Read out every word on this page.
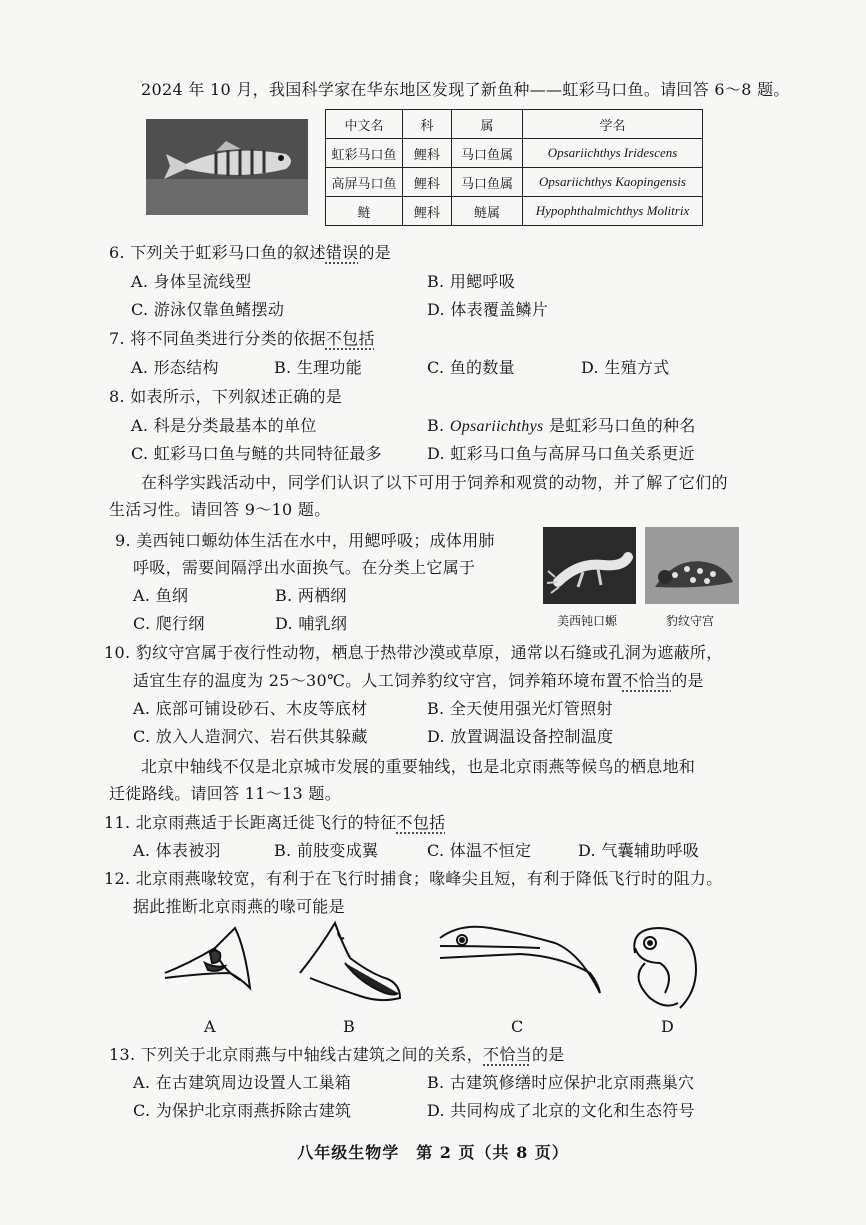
2024 年 10 月，我国科学家在华东地区发现了新鱼种——虹彩马口鱼。请回答 6～8 题。
中文名	科	属	学名
虹彩马口鱼	鲤科	马口鱼属	Opsariichthys Iridescens
高屏马口鱼	鲤科	马口鱼属	Opsariichthys Kaopingensis
鲢	鲤科	鲢属	Hypophthalmichthys Molitrix
6. 下列关于虹彩马口鱼的叙述错误的是
A. 身体呈流线型	B. 用鳃呼吸
C. 游泳仅靠鱼鳍摆动	D. 体表覆盖鳞片
7. 将不同鱼类进行分类的依据不包括
A. 形态结构	B. 生理功能	C. 鱼的数量	D. 生殖方式
8. 如表所示，下列叙述正确的是
A. 科是分类最基本的单位	B. Opsariichthys 是虹彩马口鱼的种名
C. 虹彩马口鱼与鲢的共同特征最多	D. 虹彩马口鱼与高屏马口鱼关系更近
在科学实践活动中，同学们认识了以下可用于饲养和观赏的动物，并了解了它们的
生活习性。请回答 9～10 题。
9. 美西钝口螈幼体生活在水中，用鳃呼吸；成体用肺
呼吸，需要间隔浮出水面换气。在分类上它属于
A. 鱼纲	B. 两栖纲
C. 爬行纲	D. 哺乳纲	美西钝口螈	豹纹守宫
10. 豹纹守宫属于夜行性动物，栖息于热带沙漠或草原，通常以石缝或孔洞为遮蔽所，
适宜生存的温度为 25～30℃。人工饲养豹纹守宫，饲养箱环境布置不恰当的是
A. 底部可铺设砂石、木皮等底材	B. 全天使用强光灯管照射
C. 放入人造洞穴、岩石供其躲藏	D. 放置调温设备控制温度
北京中轴线不仅是北京城市发展的重要轴线，也是北京雨燕等候鸟的栖息地和
迁徙路线。请回答 11～13 题。
11. 北京雨燕适于长距离迁徙飞行的特征不包括
A. 体表被羽	B. 前肢变成翼	C. 体温不恒定	D. 气囊辅助呼吸
12. 北京雨燕喙较宽，有利于在飞行时捕食；喙峰尖且短，有利于降低飞行时的阻力。
据此推断北京雨燕的喙可能是
A	B	C	D
13. 下列关于北京雨燕与中轴线古建筑之间的关系，不恰当的是
A. 在古建筑周边设置人工巢箱	B. 古建筑修缮时应保护北京雨燕巢穴
C. 为保护北京雨燕拆除古建筑	D. 共同构成了北京的文化和生态符号
八年级生物学　第 2 页（共 8 页）
